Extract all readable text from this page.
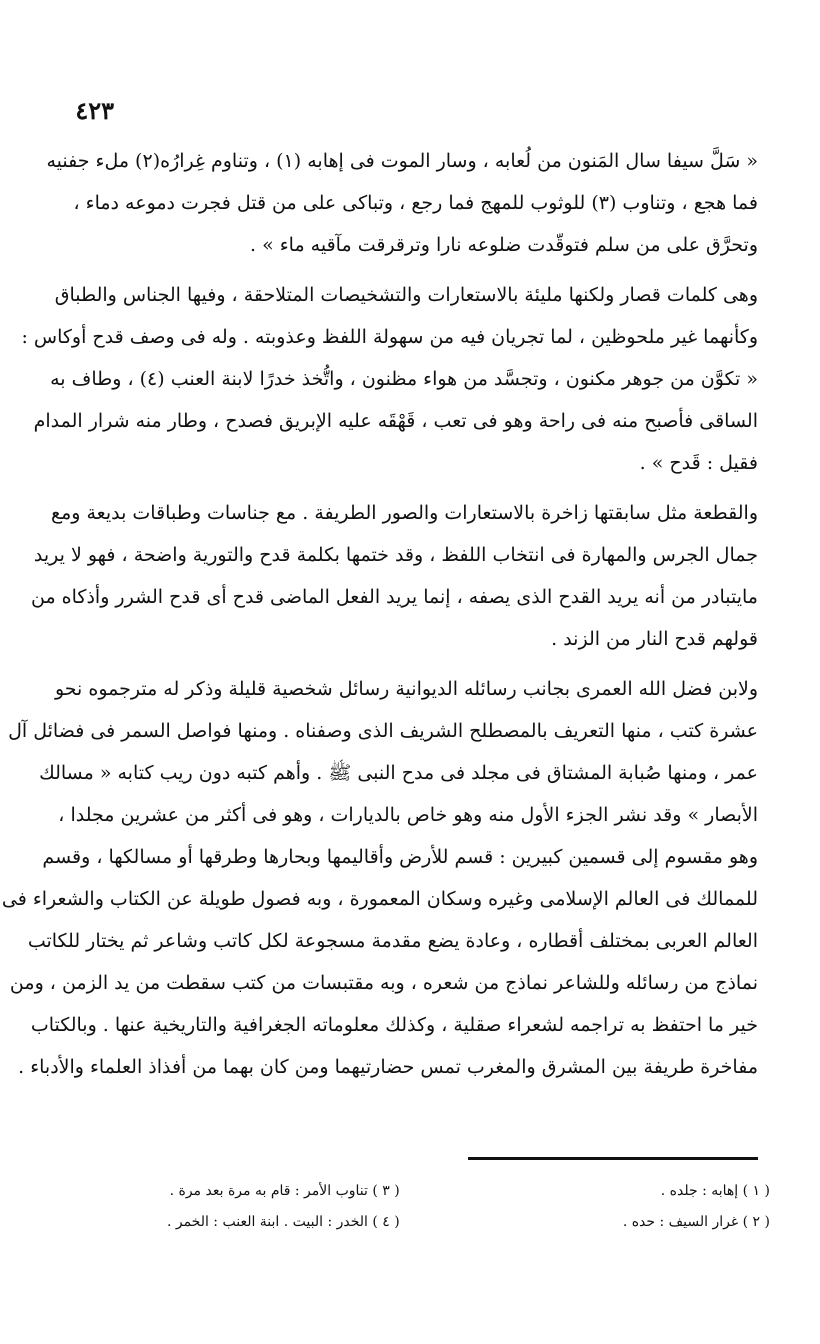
٤٢٣

« سَلَّ سيفا سال المَنون من لُعابه ، وسار الموت فى إهابه (١) ، وتناوم غِرارُه(٢) ملء جفنيه
فما هجع ، وتناوب (٣) للوثوب للمهج فما رجع ، وتباكى على من قتل فجرت دموعه دماء ،
وتحرَّق على من سلم فتوقّدت ضلوعه نارا وترقرقت مآقيه ماء » .

وهى كلمات قصار ولكنها مليئة بالاستعارات والتشخيصات المتلاحقة ، وفيها الجناس والطباق
وكأنهما غير ملحوظين ، لما تجريان فيه من سهولة اللفظ وعذوبته . وله فى وصف قدح أوكاس :
« تكوَّن من جوهر مكنون ، وتجسَّد من هواء مظنون ، واتُّخذ خدرًا لابنة العنب (٤) ، وطاف به
الساقى فأصبح منه فى راحة وهو فى تعب ، قَهْقَه عليه الإبريق فصدح ، وطار منه شرار المدام
فقيل : قَدح » .

والقطعة مثل سابقتها زاخرة بالاستعارات والصور الطريفة . مع جناسات وطباقات بديعة ومع
جمال الجرس والمهارة فى انتخاب اللفظ ، وقد ختمها بكلمة قدح والتورية واضحة ، فهو لا يريد
مايتبادر من أنه يريد القدح الذى يصفه ، إنما يريد الفعل الماضى قدح أى قدح الشرر وأذكاه من
قولهم قدح النار من الزند .

ولابن فضل الله العمرى بجانب رسائله الديوانية رسائل شخصية قليلة وذكر له مترجموه نحو
عشرة كتب ، منها التعريف بالمصطلح الشريف الذى وصفناه . ومنها فواصل السمر فى فضائل آل
عمر ، ومنها صُبابة المشتاق فى مجلد فى مدح النبى ﷺ . وأهم كتبه دون ريب كتابه « مسالك
الأبصار » وقد نشر الجزء الأول منه وهو خاص بالديارات ، وهو فى أكثر من عشرين مجلدا ،
وهو مقسوم إلى قسمين كبيرين : قسم للأرض وأقاليمها وبحارها وطرقها أو مسالكها ، وقسم
للممالك فى العالم الإسلامى وغيره وسكان المعمورة ، وبه فصول طويلة عن الكتاب والشعراء فى
العالم العربى بمختلف أقطاره ، وعادة يضع مقدمة مسجوعة لكل كاتب وشاعر ثم يختار للكاتب
نماذج من رسائله وللشاعر نماذج من شعره ، وبه مقتبسات من كتب سقطت من يد الزمن ، ومن
خير ما احتفظ به تراجمه لشعراء صقلية ، وكذلك معلوماته الجغرافية والتاريخية عنها . وبالكتاب
مفاخرة طريفة بين المشرق والمغرب تمس حضارتيهما ومن كان بهما من أفذاذ العلماء والأدباء .

( ١ ) إهابه : جلده .
( ٣ ) تناوب الأمر : قام به مرة بعد مرة .
( ٢ ) غرار السيف : حده .
( ٤ ) الخدر : البيت . ابنة العنب : الخمر .
